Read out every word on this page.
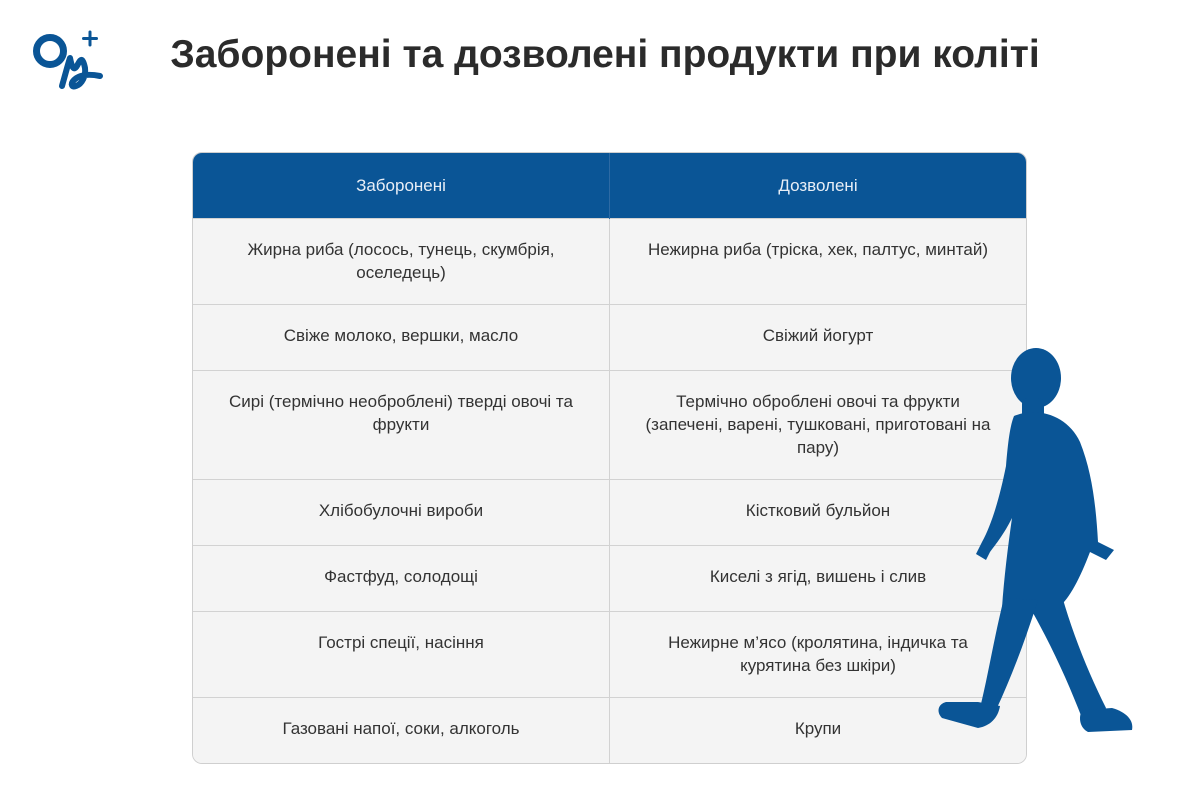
Заборонені та дозволені продукти при коліті
Заборонені	Дозволені
Жирна риба (лосось, тунець, скумбрія, оселедець)	Нежирна риба (тріска, хек, палтус, минтай)
Свіже молоко, вершки, масло	Свіжий йогурт
Сирі (термічно необроблені) тверді овочі та фрукти	Термічно оброблені овочі та фрукти (запечені, варені, тушковані, приготовані на пару)
Хлібобулочні вироби	Кістковий бульйон
Фастфуд, солодощі	Киселі з ягід, вишень і слив
Гострі спеції, насіння	Нежирне м’ясо (кролятина, індичка та курятина без шкіри)
Газовані напої, соки, алкоголь	Крупи
